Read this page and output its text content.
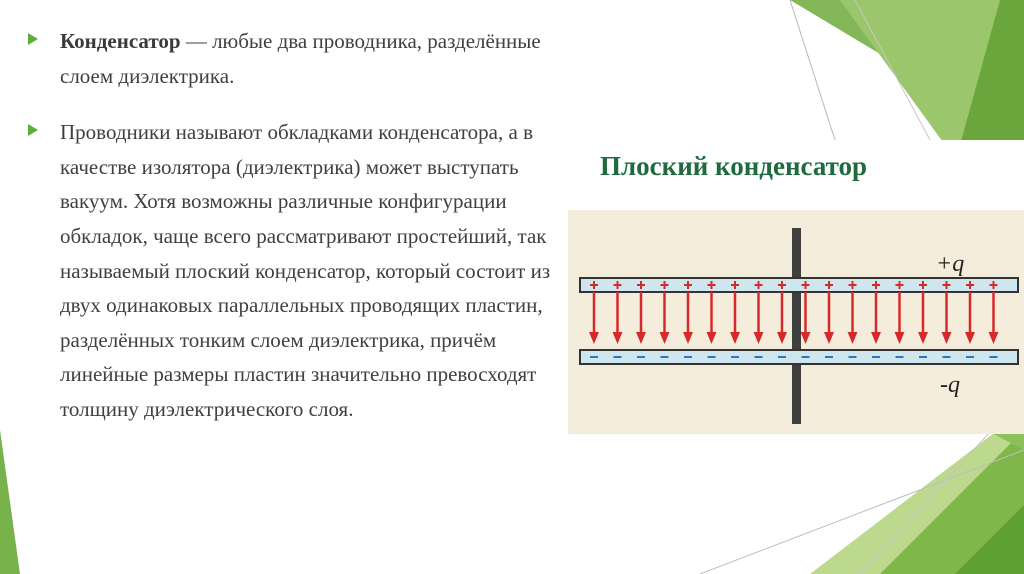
Конденсатор — любые два проводника, разделённые слоем диэлектрика.
Проводники называют обкладками конденсатора, а в качестве изолятора (диэлектрика) может выступать вакуум. Хотя возможны различные конфигурации обкладок, чаще всего рассматривают простейший, так называемый плоский конденсатор, который состоит из двух одинаковых параллельных проводящих пластин, разделённых тонким слоем диэлектрика, причём линейные размеры пластин значительно превосходят толщину диэлектрического слоя.
Плоский конденсатор
+q
-q
